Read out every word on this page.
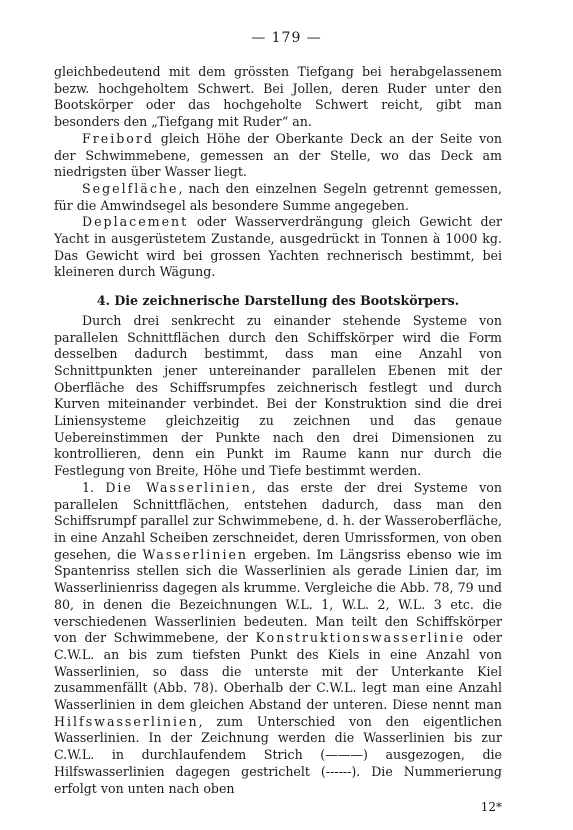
— 179 —

gleichbedeutend mit dem grössten Tiefgang bei herabgelassenem bezw. hochgeholtem Schwert. Bei Jollen, deren Ruder unter den Bootskörper oder das hochgeholte Schwert reicht, gibt man besonders den „Tiefgang mit Ruder“ an.

Freibord gleich Höhe der Oberkante Deck an der Seite von der Schwimmebene, gemessen an der Stelle, wo das Deck am niedrigsten über Wasser liegt.

Segelfläche, nach den einzelnen Segeln getrennt gemessen, für die Amwindsegel als besondere Summe angegeben.

Deplacement oder Wasserverdrängung gleich Gewicht der Yacht in ausgerüstetem Zustande, ausgedrückt in Tonnen à 1000 kg. Das Gewicht wird bei grossen Yachten rechnerisch bestimmt, bei kleineren durch Wägung.

4. Die zeichnerische Darstellung des Bootskörpers.

Durch drei senkrecht zu einander stehende Systeme von parallelen Schnittflächen durch den Schiffskörper wird die Form desselben dadurch bestimmt, dass man eine Anzahl von Schnittpunkten jener untereinander parallelen Ebenen mit der Oberfläche des Schiffsrumpfes zeichnerisch festlegt und durch Kurven miteinander verbindet. Bei der Konstruktion sind die drei Liniensysteme gleichzeitig zu zeichnen und das genaue Uebereinstimmen der Punkte nach den drei Dimensionen zu kontrollieren, denn ein Punkt im Raume kann nur durch die Festlegung von Breite, Höhe und Tiefe bestimmt werden.

1. Die Wasserlinien, das erste der drei Systeme von parallelen Schnittflächen, entstehen dadurch, dass man den Schiffsrumpf parallel zur Schwimmebene, d. h. der Wasseroberfläche, in eine Anzahl Scheiben zerschneidet, deren Umrissformen, von oben gesehen, die Wasserlinien ergeben. Im Längsriss ebenso wie im Spantenriss stellen sich die Wasserlinien als gerade Linien dar, im Wasserlinienriss dagegen als krumme. Vergleiche die Abb. 78, 79 und 80, in denen die Bezeichnungen W.L. 1, W.L. 2, W.L. 3 etc. die verschiedenen Wasserlinien bedeuten. Man teilt den Schiffskörper von der Schwimmebene, der Konstruktionswasserlinie oder C.W.L. an bis zum tiefsten Punkt des Kiels in eine Anzahl von Wasserlinien, so dass die unterste mit der Unterkante Kiel zusammenfällt (Abb. 78). Oberhalb der C.W.L. legt man eine Anzahl Wasserlinien in dem gleichen Abstand der unteren. Diese nennt man Hilfswasserlinien, zum Unterschied von den eigentlichen Wasserlinien. In der Zeichnung werden die Wasserlinien bis zur C.W.L. in durchlaufendem Strich (———) ausgezogen, die Hilfswasserlinien dagegen gestrichelt (------). Die Nummerierung erfolgt von unten nach oben

12*
